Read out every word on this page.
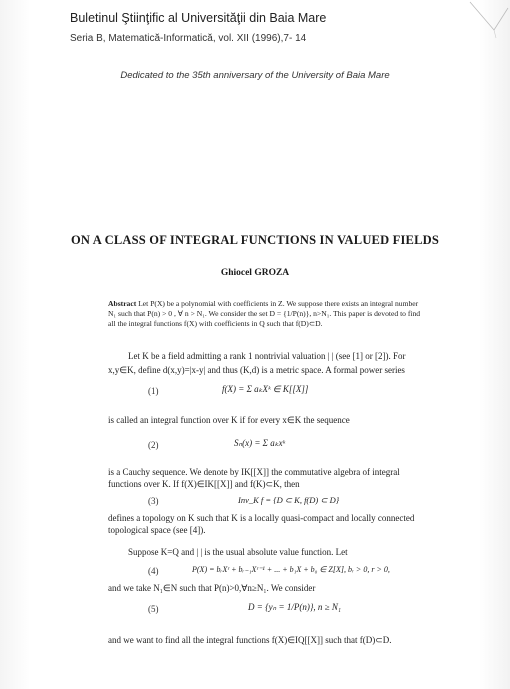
Buletinul Ştiinţific al Universităţii din Baia Mare
Seria B, Matematică-Informatică, vol. XII (1996),7- 14
Dedicated to the 35th anniversary of the University of Baia Mare
ON A CLASS OF INTEGRAL FUNCTIONS IN VALUED FIELDS
Ghiocel GROZA
Abstract Let P(X) be a polynomial with coefficients in Z. We suppose there exists an integral number
N₁ such that P(n) > 0 , ∀ n > N₁. We consider the set D = {1/P(n)}, n>N₁. This paper is devoted to find
all the integral functions f(X) with coefficients in Q such that f(D)⊂D.
Let K be a field admitting a rank 1 nontrivial valuation | | (see [1] or [2]). For
x,y∈K, define d(x,y)=|x-y| and thus (K,d) is a metric space. A formal power series
(1)	f(X) = Σ aₖXᵏ ∈ K[[X]]
is called an integral function over K if for every x∈K the sequence
(2)	Sₙ(x) = Σ aₖxᵏ
is a Cauchy sequence. We denote by IK[[X]] the commutative algebra of integral
functions over K. If f(X)∈IK[[X]] and f(K)⊂K, then
(3)	Inv_K f = {D ⊂ K, f(D) ⊂ D}
defines a topology on K such that K is a locally quasi-compact and locally connected
topological space (see [4]).
Suppose K=Q and | | is the usual absolute value function. Let
(4)	P(X) = bᵣXʳ + bᵣ₋₁Xʳ⁻¹ + ... + b₁X + b₀ ∈ Z[X], bᵣ > 0, r > 0,
and we take N₁∈N such that P(n)>0,∀n≥N₁. We consider
(5)	D = {yₙ = 1/P(n)}, n ≥ N₁
and we want to find all the integral functions f(X)∈IQ[[X]] such that f(D)⊂D.
